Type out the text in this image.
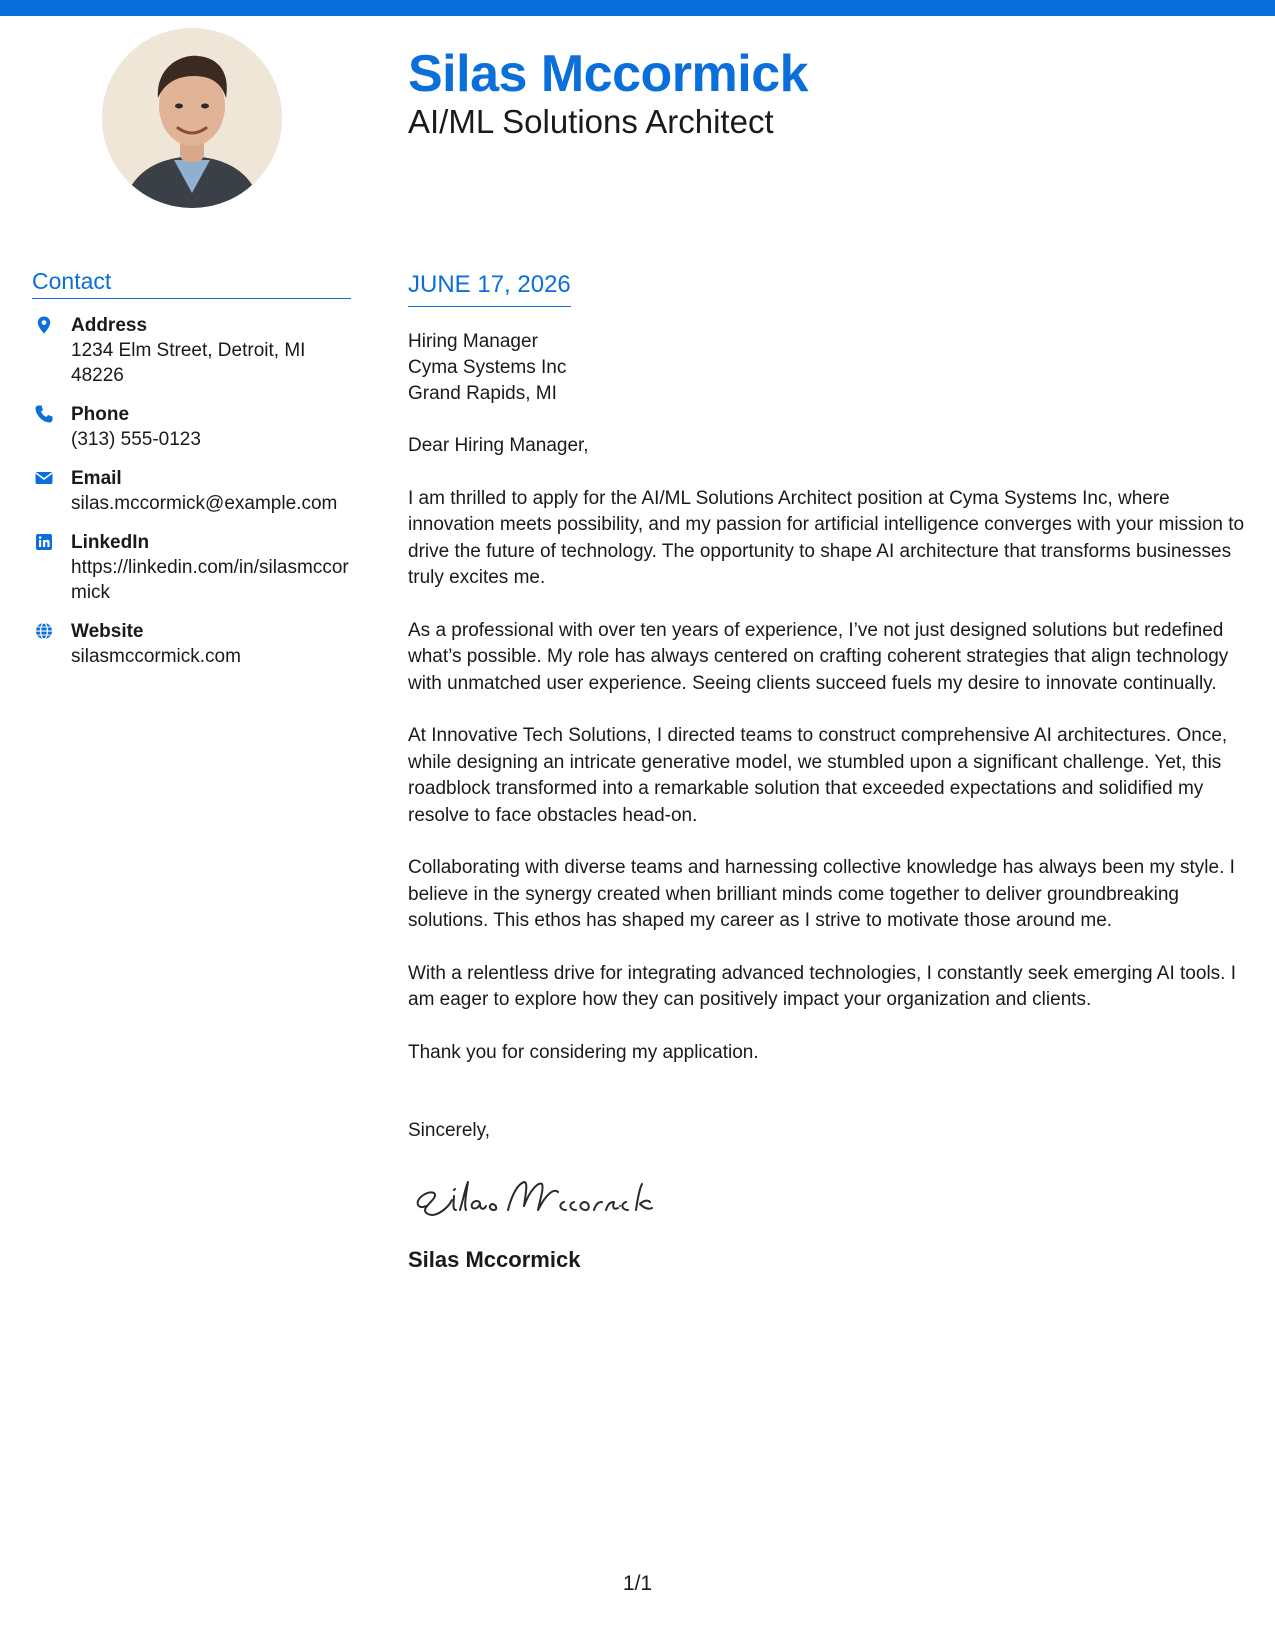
Silas Mccormick
AI/ML Solutions Architect
Contact
Address
1234 Elm Street, Detroit, MI 48226
Phone
(313) 555-0123
Email
silas.mccormick@example.com
LinkedIn
https://linkedin.com/in/silasmccormick
Website
silasmccormick.com
JUNE 17, 2026
Hiring Manager
Cyma Systems Inc
Grand Rapids, MI

Dear Hiring Manager,

I am thrilled to apply for the AI/ML Solutions Architect position at Cyma Systems Inc, where innovation meets possibility, and my passion for artificial intelligence converges with your mission to drive the future of technology. The opportunity to shape AI architecture that transforms businesses truly excites me.

As a professional with over ten years of experience, I’ve not just designed solutions but redefined what’s possible. My role has always centered on crafting coherent strategies that align technology with unmatched user experience. Seeing clients succeed fuels my desire to innovate continually.

At Innovative Tech Solutions, I directed teams to construct comprehensive AI architectures. Once, while designing an intricate generative model, we stumbled upon a significant challenge. Yet, this roadblock transformed into a remarkable solution that exceeded expectations and solidified my resolve to face obstacles head-on.

Collaborating with diverse teams and harnessing collective knowledge has always been my style. I believe in the synergy created when brilliant minds come together to deliver groundbreaking solutions. This ethos has shaped my career as I strive to motivate those around me.

With a relentless drive for integrating advanced technologies, I constantly seek emerging AI tools. I am eager to explore how they can positively impact your organization and clients.

Thank you for considering my application.

Sincerely,
Silas Mccormick
1/1
